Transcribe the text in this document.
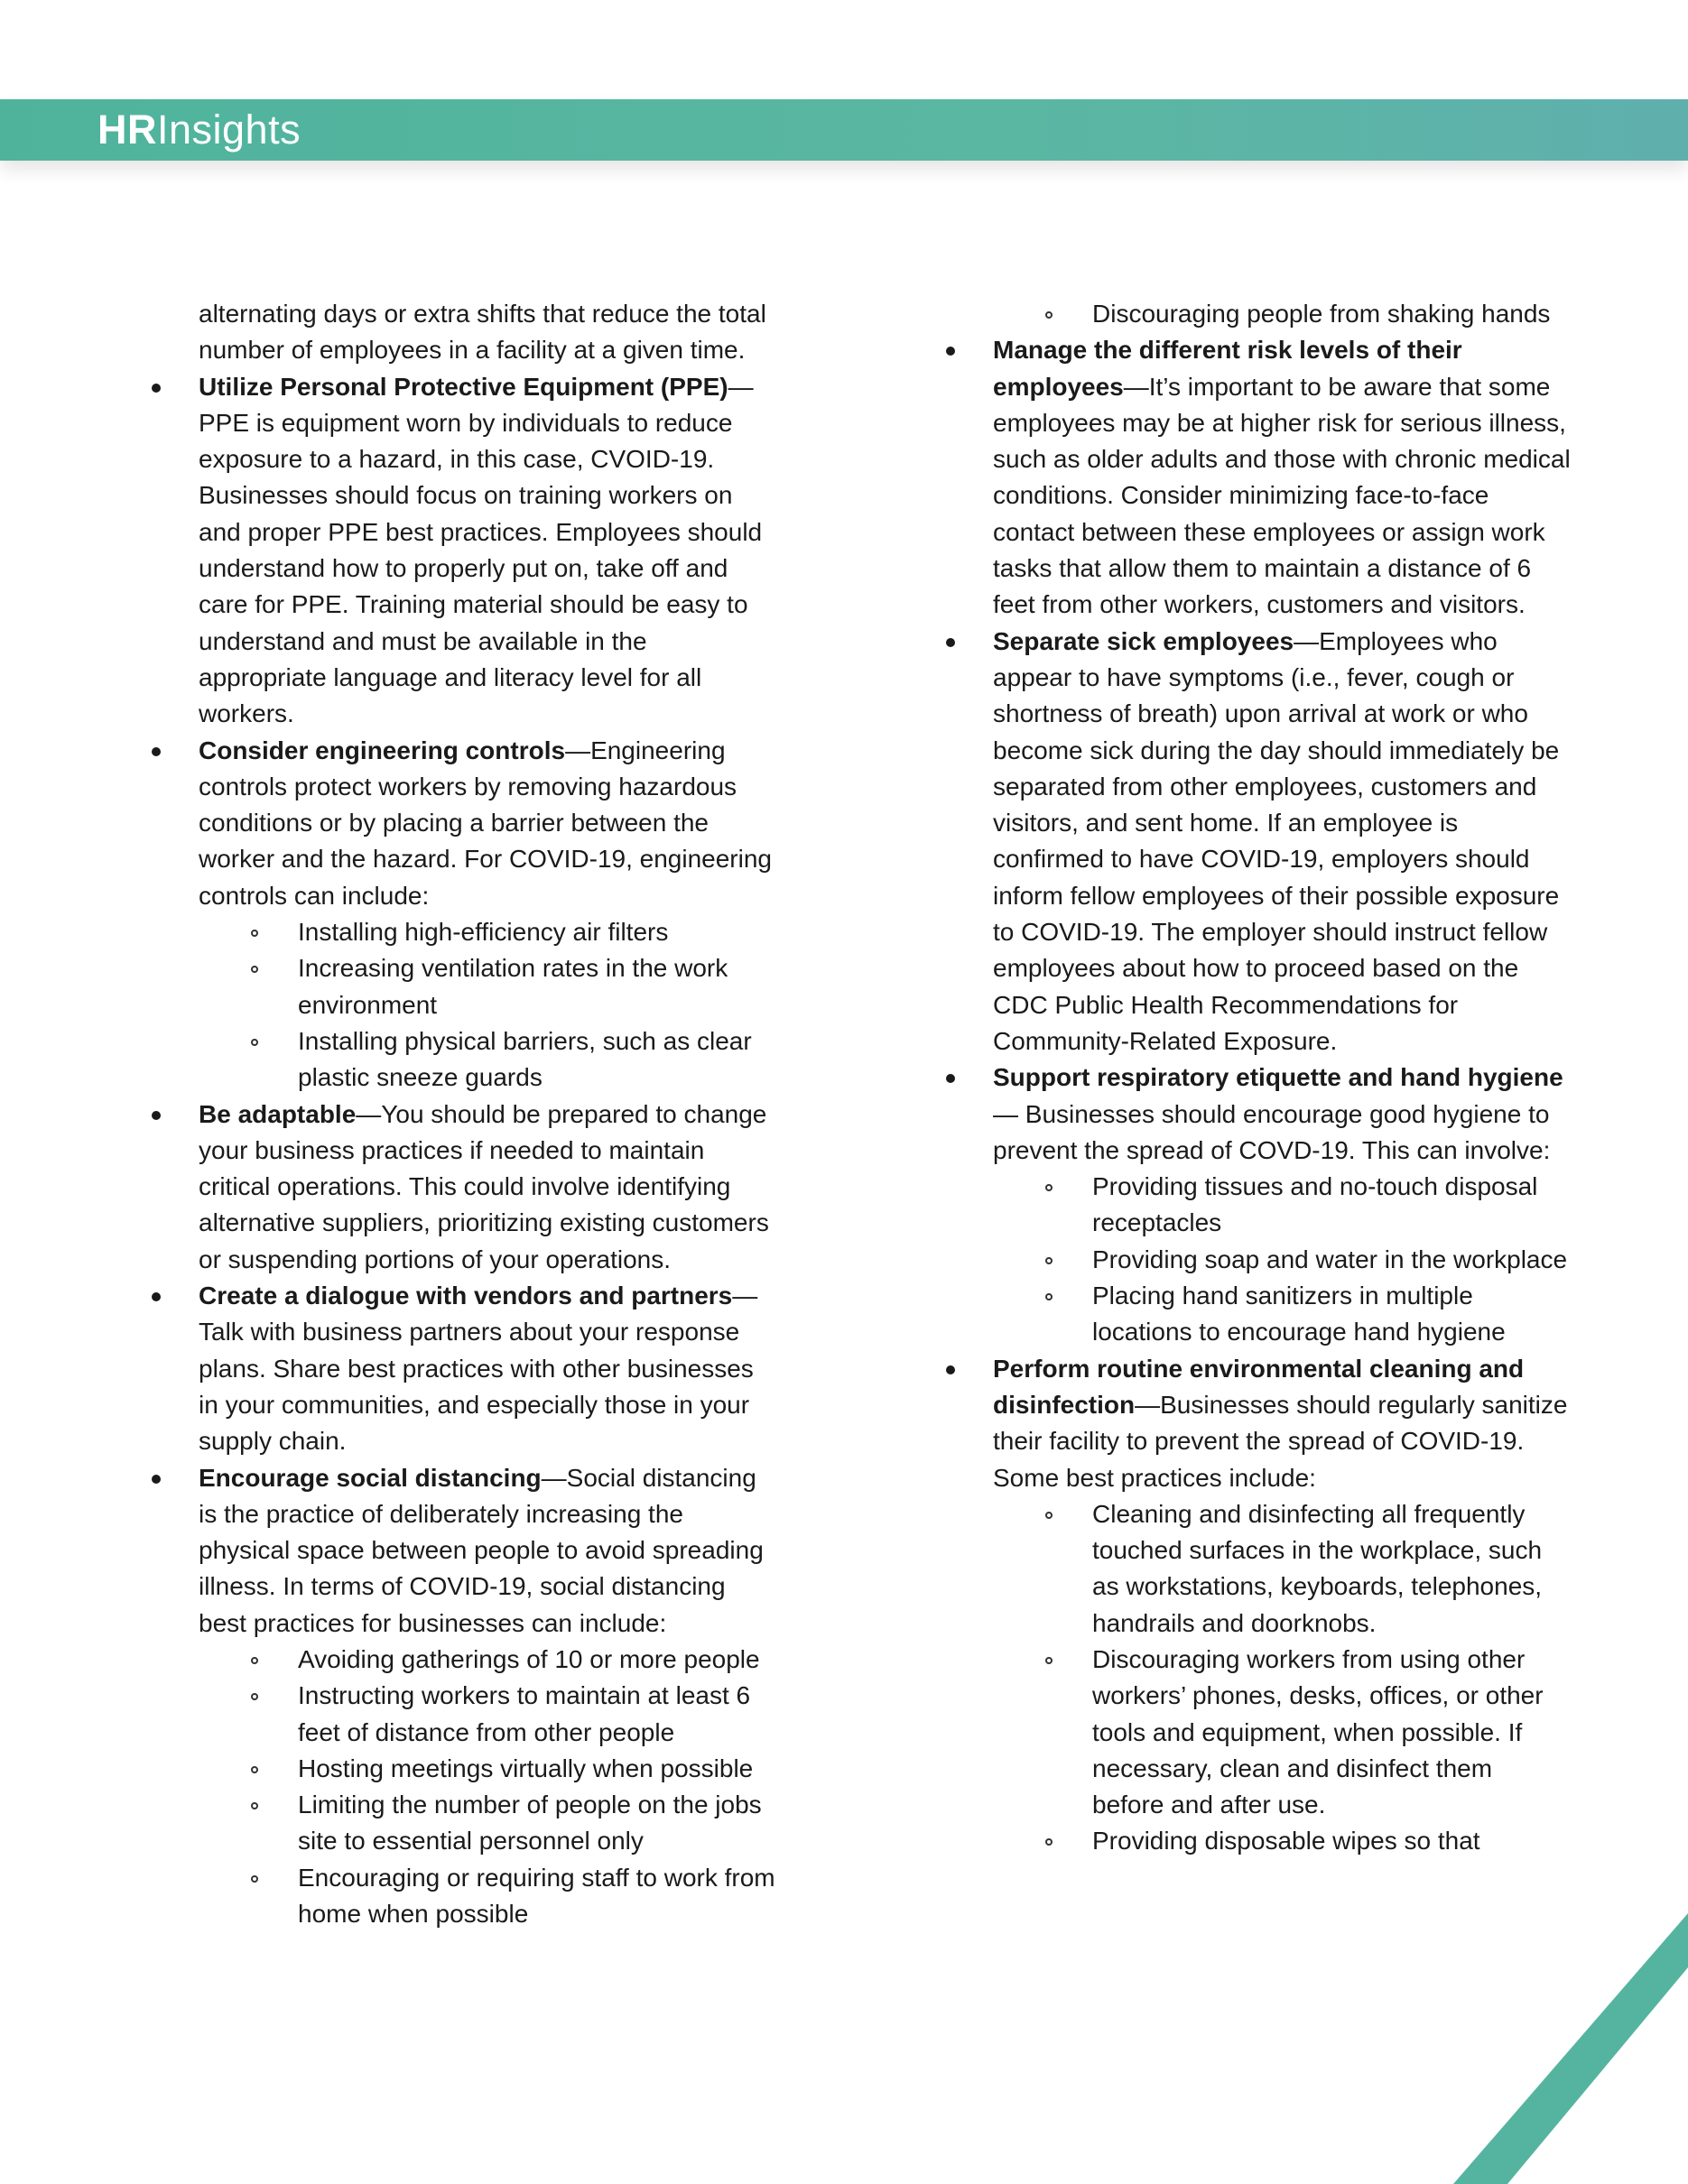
HRInsights

alternating days or extra shifts that reduce the total

number of employees in a facility at a given time.

Utilize Personal Protective Equipment (PPE)— PPE is equipment worn by individuals to reduce exposure to a hazard, in this case, CVOID-19. Businesses should focus on training workers on and proper PPE best practices. Employees should understand how to properly put on, take off and care for PPE. Training material should be easy to understand and must be available in the appropriate language and literacy level for all workers.
Consider engineering controls—Engineering controls protect workers by removing hazardous conditions or by placing a barrier between the worker and the hazard. For COVID-19, engineering controls can include:
Installing high-efficiency air filters
Increasing ventilation rates in the work environment
Installing physical barriers, such as clear plastic sneeze guards
Be adaptable—You should be prepared to change your business practices if needed to maintain critical operations. This could involve identifying alternative suppliers, prioritizing existing customers or suspending portions of your operations.
Create a dialogue with vendors and partners—Talk with business partners about your response plans. Share best practices with other businesses in your communities, and especially those in your supply chain.
Encourage social distancing—Social distancing is the practice of deliberately increasing the physical space between people to avoid spreading illness. In terms of COVID-19, social distancing best practices for businesses can include:
Avoiding gatherings of 10 or more people
Instructing workers to maintain at least 6 feet of distance from other people
Hosting meetings virtually when possible
Limiting the number of people on the jobs site to essential personnel only
Encouraging or requiring staff to work from home when possible
Discouraging people from shaking hands
Manage the different risk levels of their employees—It’s important to be aware that some employees may be at higher risk for serious illness, such as older adults and those with chronic medical conditions. Consider minimizing face-to-face contact between these employees or assign work tasks that allow them to maintain a distance of 6 feet from other workers, customers and visitors.
Separate sick employees—Employees who appear to have symptoms (i.e., fever, cough or shortness of breath) upon arrival at work or who become sick during the day should immediately be separated from other employees, customers and visitors, and sent home. If an employee is confirmed to have COVID-19, employers should inform fellow employees of their possible exposure to COVID-19. The employer should instruct fellow employees about how to proceed based on the CDC Public Health Recommendations for Community-Related Exposure.
Support respiratory etiquette and hand hygiene— Businesses should encourage good hygiene to prevent the spread of COVD-19. This can involve:
Providing tissues and no-touch disposal receptacles
Providing soap and water in the workplace
Placing hand sanitizers in multiple locations to encourage hand hygiene
Perform routine environmental cleaning and disinfection—Businesses should regularly sanitize their facility to prevent the spread of COVID-19. Some best practices include:
Cleaning and disinfecting all frequently touched surfaces in the workplace, such as workstations, keyboards, telephones, handrails and doorknobs.
Discouraging workers from using other workers’ phones, desks, offices, or other tools and equipment, when possible. If necessary, clean and disinfect them before and after use.
Providing disposable wipes so that
